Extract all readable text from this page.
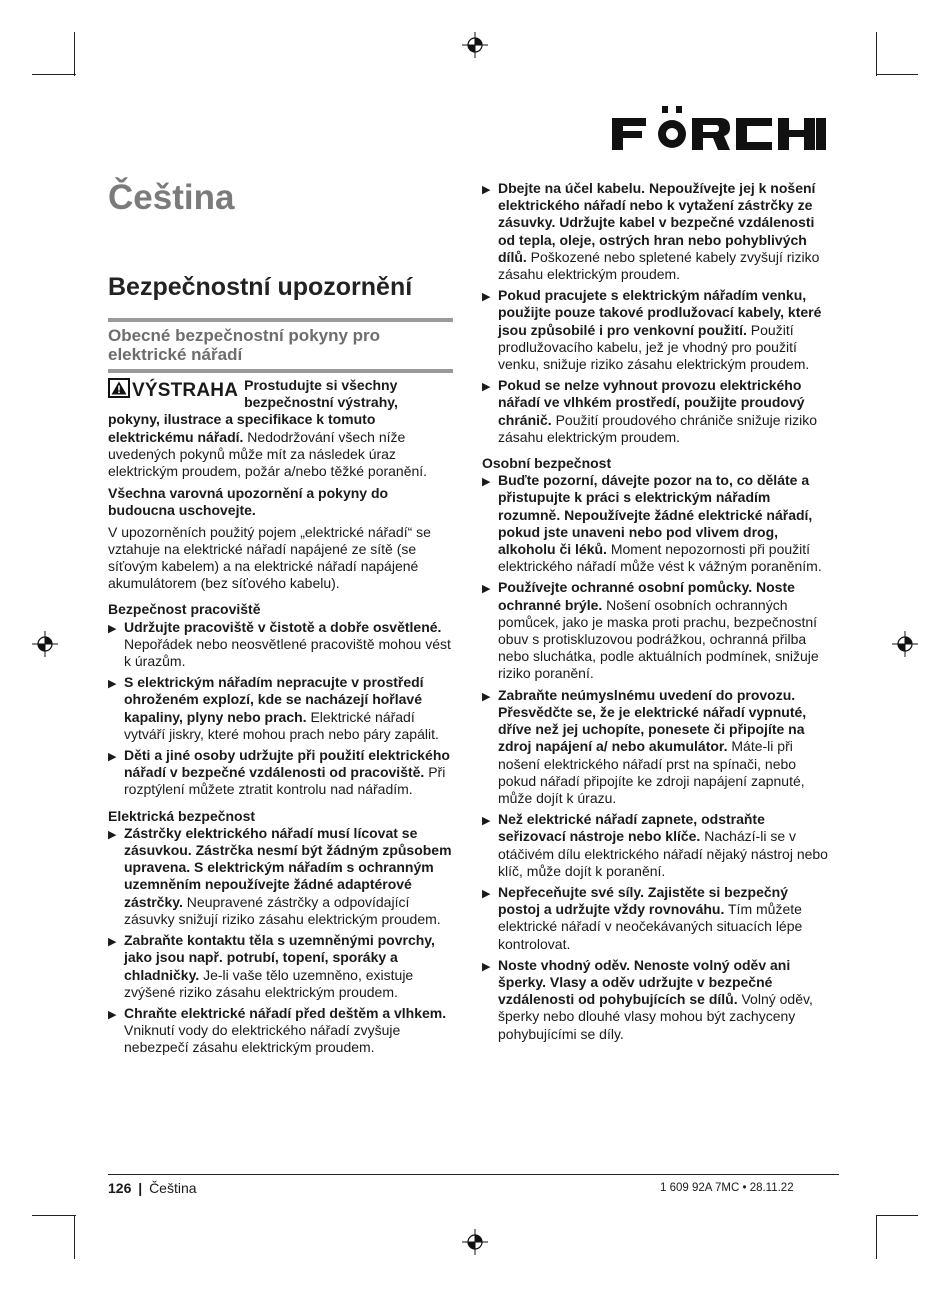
Čeština
Bezpečnostní upozornění
Obecné bezpečnostní pokyny pro
elektrické nářadí
VÝSTRAHA Prostudujte si všechny
bezpečnostní výstrahy,

pokyny, ilustrace a specifikace k tomuto
elektrickému nářadí. Nedodržování všech níže uvedených pokynů může mít za následek úraz elektrickým proudem, požár a/nebo těžké poranění.

Všechna varovná upozornění a pokyny do budoucna uschovejte.

V upozorněních použitý pojem „elektrické nářadí“ se vztahuje na elektrické nářadí napájené ze sítě (se síťovým kabelem) a na elektrické nářadí napájené akumulátorem (bez síťového kabelu).

Bezpečnost pracoviště

▶ Udržujte pracoviště v čistotě a dobře osvětlené. Nepořádek nebo neosvětlené pracoviště mohou vést k úrazům.

▶ S elektrickým nářadím nepracujte v prostředí ohroženém explozí, kde se nacházejí hořlavé kapaliny, plyny nebo prach. Elektrické nářadí vytváří jiskry, které mohou prach nebo páry zapálit.

▶ Děti a jiné osoby udržujte při použití elektrického nářadí v bezpečné vzdálenosti od pracoviště. Při rozptýlení můžete ztratit kontrolu nad nářadím.

Elektrická bezpečnost

▶ Zástrčky elektrického nářadí musí lícovat se zásuvkou. Zástrčka nesmí být žádným způsobem upravena. S elektrickým nářadím s ochranným uzemněním nepoužívejte žádné adaptérové zástrčky. Neupravené zástrčky a odpovídající zásuvky snižují riziko zásahu elektrickým proudem.

▶ Zabraňte kontaktu těla s uzemněnými povrchy, jako jsou např. potrubí, topení, sporáky a chladničky. Je-li vaše tělo uzemněno, existuje zvýšené riziko zásahu elektrickým proudem.

▶ Chraňte elektrické nářadí před deštěm a vlhkem. Vniknutí vody do elektrického nářadí zvyšuje nebezpečí zásahu elektrickým proudem.

▶ Dbejte na účel kabelu. Nepoužívejte jej k nošení elektrického nářadí nebo k vytažení zástrčky ze zásuvky. Udržujte kabel v bezpečné vzdálenosti od tepla, oleje, ostrých hran nebo pohyblivých dílů. Poškozené nebo spletené kabely zvyšují riziko zásahu elektrickým proudem.

▶ Pokud pracujete s elektrickým nářadím venku, použijte pouze takové prodlužovací kabely, které jsou způsobilé i pro venkovní použití. Použití prodlužovacího kabelu, jež je vhodný pro použití venku, snižuje riziko zásahu elektrickým proudem.

▶ Pokud se nelze vyhnout provozu elektrického nářadí ve vlhkém prostředí, použijte proudový chránič. Použití proudového chrániče snižuje riziko zásahu elektrickým proudem.

Osobní bezpečnost

▶ Buďte pozorní, dávejte pozor na to, co děláte a přistupujte k práci s elektrickým nářadím rozumně. Nepoužívejte žádné elektrické nářadí, pokud jste unaveni nebo pod vlivem drog, alkoholu či léků. Moment nepozornosti při použití elektrického nářadí může vést k vážným poraněním.

▶ Používejte ochranné osobní pomůcky. Noste ochranné brýle. Nošení osobních ochranných pomůcek, jako je maska proti prachu, bezpečnostní obuv s protiskluzovou podrážkou, ochranná přilba nebo sluchátka, podle aktuálních podmínek, snižuje riziko poranění.

▶ Zabraňte neúmyslnému uvedení do provozu. Přesvědčte se, že je elektrické nářadí vypnuté, dříve než jej uchopíte, ponesete či připojíte na zdroj napájení a/ nebo akumulátor. Máte-li při nošení elektrického nářadí prst na spínači, nebo pokud nářadí připojíte ke zdroji napájení zapnuté, může dojít k úrazu.

▶ Než elektrické nářadí zapnete, odstraňte seřizovací nástroje nebo klíče. Nachází-li se v otáčivém dílu elektrického nářadí nějaký nástroj nebo klíč, může dojít k poranění.

▶ Nepřeceňujte své síly. Zajistěte si bezpečný postoj a udržujte vždy rovnováhu. Tím můžete elektrické nářadí v neočekávaných situacích lépe kontrolovat.

▶ Noste vhodný oděv. Nenoste volný oděv ani šperky. Vlasy a oděv udržujte v bezpečné vzdálenosti od pohybujících se dílů. Volný oděv, šperky nebo dlouhé vlasy mohou být zachyceny pohybujícími se díly.

126 | Čeština	1 609 92A 7MC • 28.11.22
